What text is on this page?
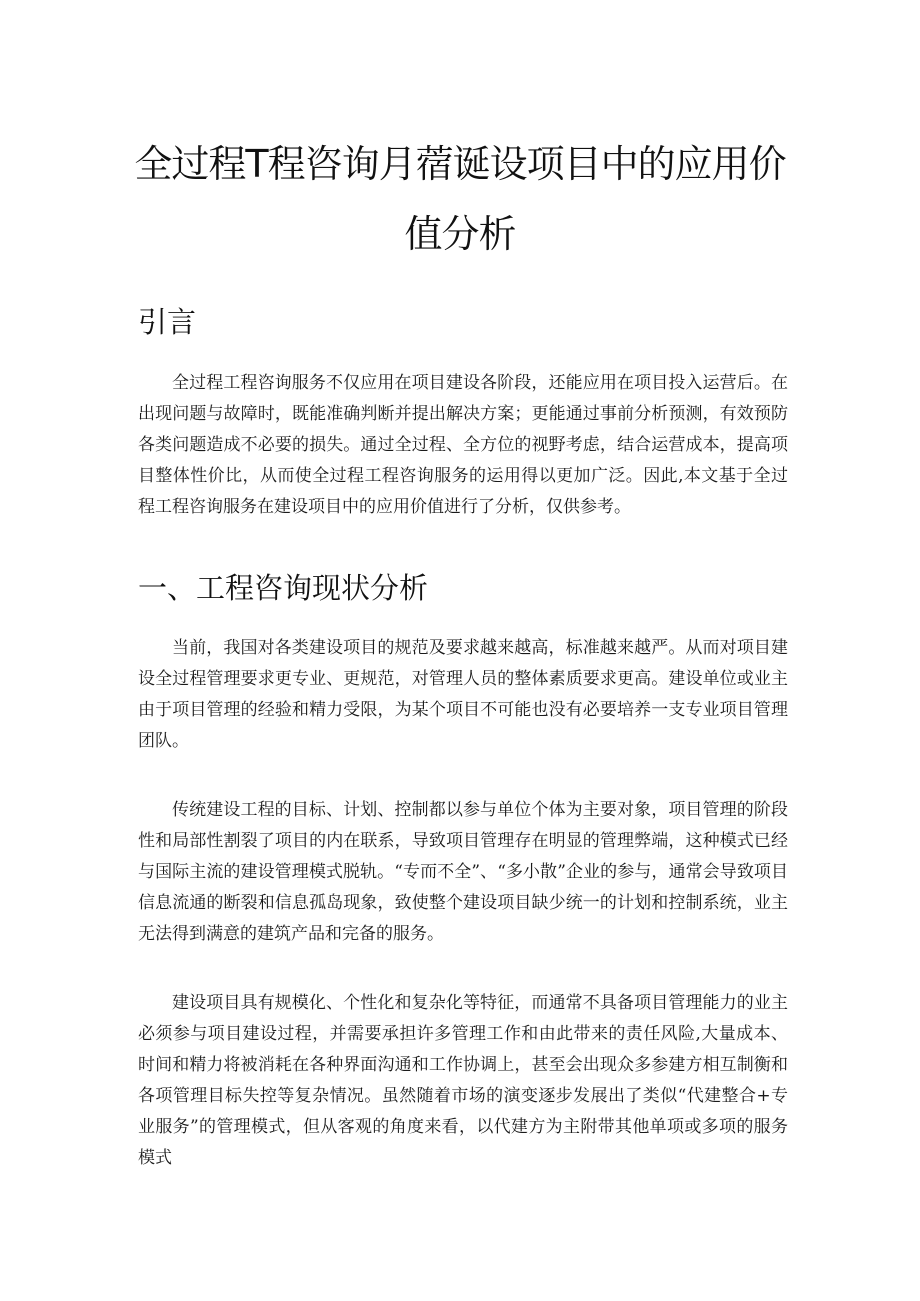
全过程T程咨询月蓿诞设项目中的应用价
值分析
引言

全过程工程咨询服务不仅应用在项目建设各阶段，还能应用在项目投入运营后。在出现问题与故障时，既能准确判断并提出解决方案；更能通过事前分析预测，有效预防各类问题造成不必要的损失。通过全过程、全方位的视野考虑，结合运营成本，提高项目整体性价比，从而使全过程工程咨询服务的运用得以更加广泛。因此,本文基于全过程工程咨询服务在建设项目中的应用价值进行了分析，仅供参考。

一、工程咨询现状分析

当前，我国对各类建设项目的规范及要求越来越高，标准越来越严。从而对项目建设全过程管理要求更专业、更规范，对管理人员的整体素质要求更高。建设单位或业主由于项目管理的经验和精力受限，为某个项目不可能也没有必要培养一支专业项目管理团队。

传统建设工程的目标、计划、控制都以参与单位个体为主要对象，项目管理的阶段性和局部性割裂了项目的内在联系，导致项目管理存在明显的管理弊端，这种模式已经与国际主流的建设管理模式脱轨。“专而不全”、“多小散”企业的参与，通常会导致项目信息流通的断裂和信息孤岛现象，致使整个建设项目缺少统一的计划和控制系统，业主无法得到满意的建筑产品和完备的服务。

建设项目具有规模化、个性化和复杂化等特征，而通常不具备项目管理能力的业主必须参与项目建设过程，并需要承担许多管理工作和由此带来的责任风险,大量成本、时间和精力将被消耗在各种界面沟通和工作协调上，甚至会出现众多参建方相互制衡和各项管理目标失控等复杂情况。虽然随着市场的演变逐步发展出了类似“代建整合+专业服务”的管理模式，但从客观的角度来看，以代建方为主附带其他单项或多项的服务模式
